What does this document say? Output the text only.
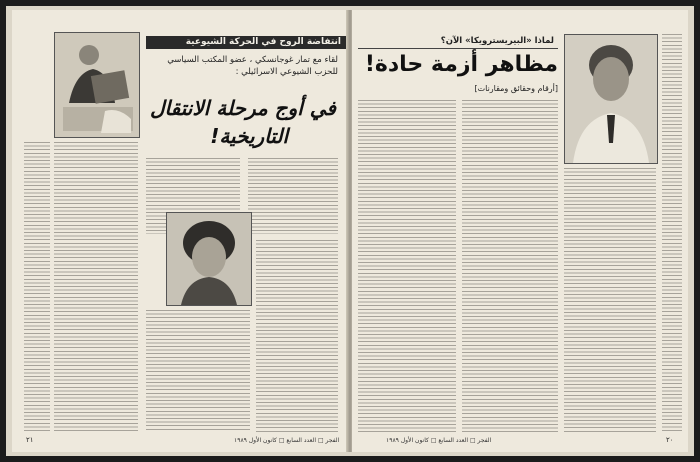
انتفاضة الروح في الحركة الشيوعية
لقاء مع تمار غوجانسكي ، عضو المكتب السياسي للحزب الشيوعي الاسرائيلي :
في أوج مرحلة الانتقال
التاريخية!
٢١	الفجر □ العدد السابع □ كانون الأول ١٩٨٩
لماذا «البيريسترويكا» الآن؟
مظاهر أزمة حادة!
[أرقام وحقائق ومقارنات]
٢٠
الفجر □ العدد السابع □ كانون الأول ١٩٨٩
